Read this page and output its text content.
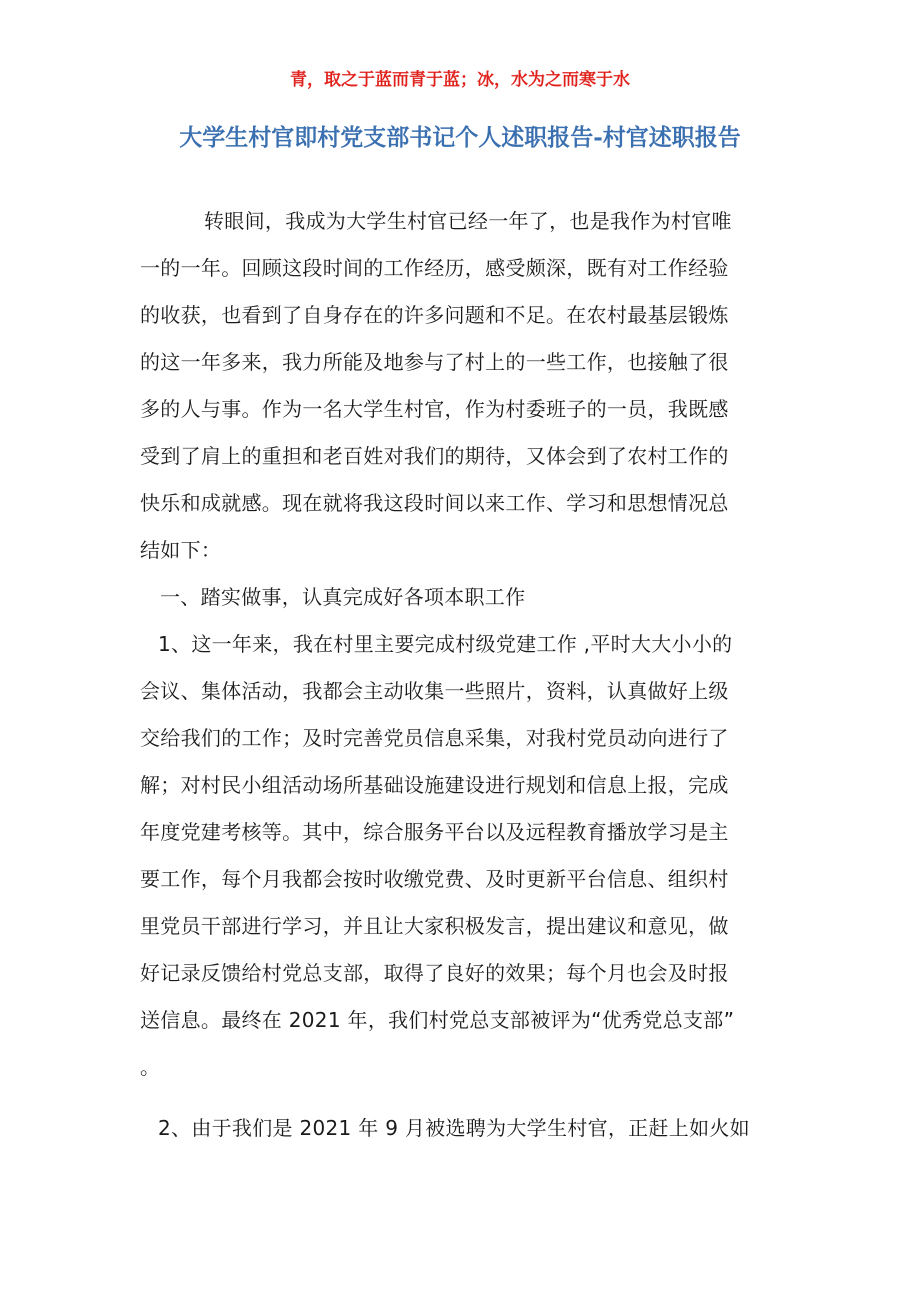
青，取之于蓝而青于蓝；冰，水为之而寒于水
大学生村官即村党支部书记个人述职报告-村官述职报告
转眼间，我成为大学生村官已经一年了，也是我作为村官唯
一的一年。回顾这段时间的工作经历，感受颇深，既有对工作经验
的收获，也看到了自身存在的许多问题和不足。在农村最基层锻炼
的这一年多来，我力所能及地参与了村上的一些工作，也接触了很
多的人与事。作为一名大学生村官，作为村委班子的一员，我既感
受到了肩上的重担和老百姓对我们的期待，又体会到了农村工作的
快乐和成就感。现在就将我这段时间以来工作、学习和思想情况总
结如下：
一、踏实做事，认真完成好各项本职工作
1、这一年来，我在村里主要完成村级党建工作 ,平时大大小小的
会议、集体活动，我都会主动收集一些照片，资料，认真做好上级
交给我们的工作；及时完善党员信息采集，对我村党员动向进行了
解；对村民小组活动场所基础设施建设进行规划和信息上报，完成
年度党建考核等。其中，综合服务平台以及远程教育播放学习是主
要工作，每个月我都会按时收缴党费、及时更新平台信息、组织村
里党员干部进行学习，并且让大家积极发言，提出建议和意见，做
好记录反馈给村党总支部，取得了良好的效果；每个月也会及时报
送信息。最终在 2021 年，我们村党总支部被评为“优秀党总支部”
。
2、由于我们是 2021 年 9 月被选聘为大学生村官，正赶上如火如
